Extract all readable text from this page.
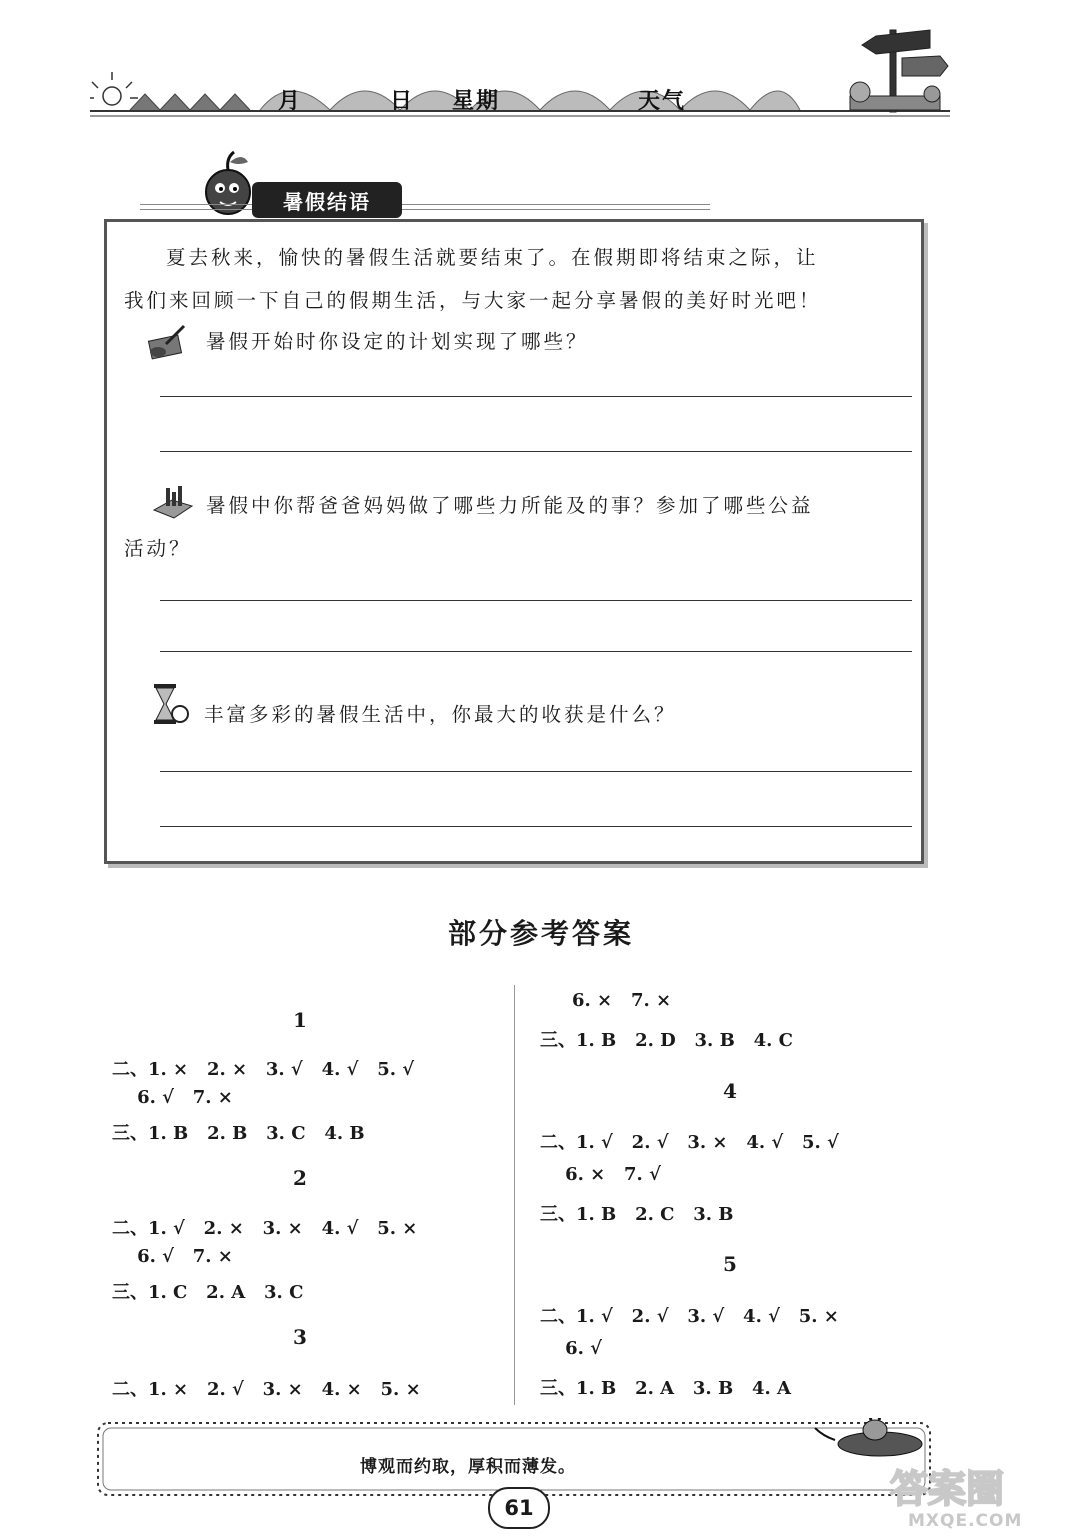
月	日 星期	天气
暑假结语
夏去秋来，愉快的暑假生活就要结束了。在假期即将结束之际，让
我们来回顾一下自己的假期生活，与大家一起分享暑假的美好时光吧！
暑假开始时你设定的计划实现了哪些？
暑假中你帮爸爸妈妈做了哪些力所能及的事？参加了哪些公益
活动？
丰富多彩的暑假生活中，你最大的收获是什么？
部分参考答案
1
二、1. ×   2. ×   3. √   4. √   5. √
6. √   7. ×
三、1. B   2. B   3. C   4. B
2
二、1. √   2. ×   3. ×   4. √   5. ×
6. √   7. ×
三、1. C   2. A   3. C
3
二、1. ×   2. √   3. ×   4. ×   5. ×
6. ×   7. ×
三、1. B   2. D   3. B   4. C
4
二、1. √   2. √   3. ×   4. √   5. √
6. ×   7. √
三、1. B   2. C   3. B
5
二、1. √   2. √   3. √   4. √   5. ×
6. √
三、1. B   2. A   3. B   4. A
博观而约取，厚积而薄发。
61	答案圈
MXQE.COM
